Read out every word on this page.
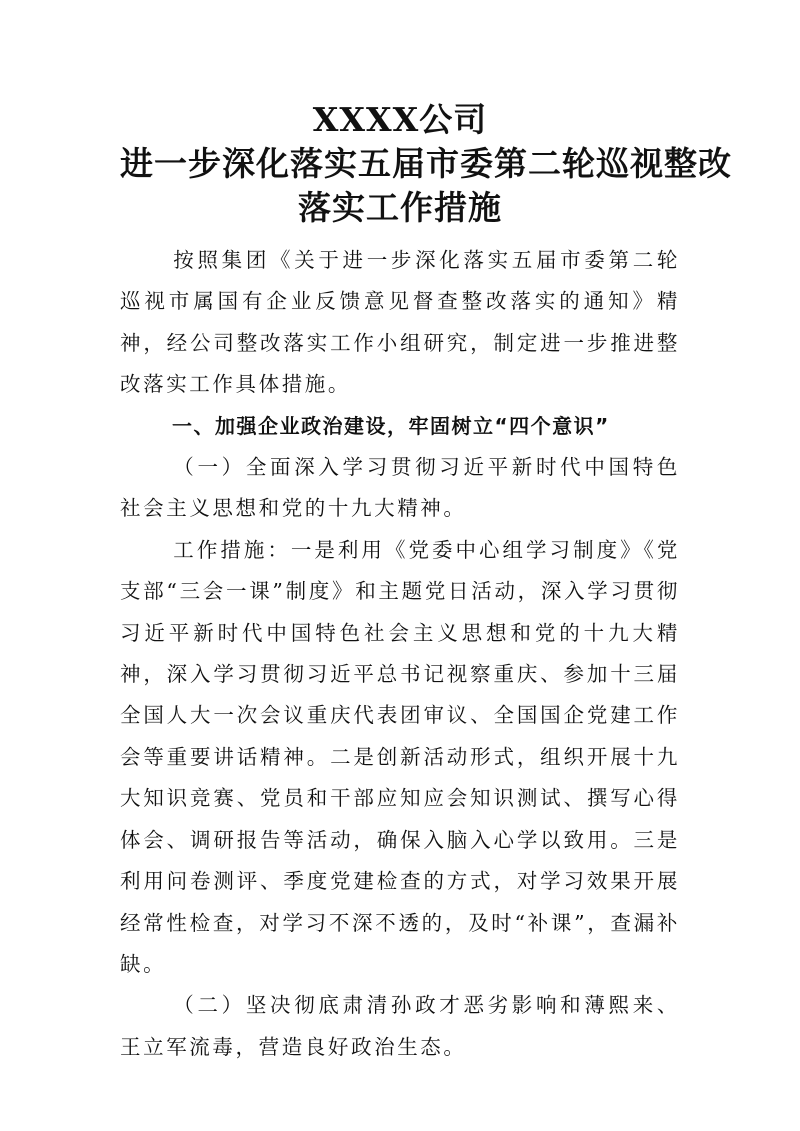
XXXX公司
进一步深化落实五届市委第二轮巡视整改
落实工作措施

按照集团《关于进一步深化落实五届市委第二轮巡视市属国有企业反馈意见督查整改落实的通知》精神，经公司整改落实工作小组研究，制定进一步推进整改落实工作具体措施。

一、加强企业政治建设，牢固树立“四个意识”

（一）全面深入学习贯彻习近平新时代中国特色社会主义思想和党的十九大精神。

工作措施：一是利用《党委中心组学习制度》《党支部“三会一课”制度》和主题党日活动，深入学习贯彻习近平新时代中国特色社会主义思想和党的十九大精神，深入学习贯彻习近平总书记视察重庆、参加十三届全国人大一次会议重庆代表团审议、全国国企党建工作会等重要讲话精神。二是创新活动形式，组织开展十九大知识竞赛、党员和干部应知应会知识测试、撰写心得体会、调研报告等活动，确保入脑入心学以致用。三是利用问卷测评、季度党建检查的方式，对学习效果开展经常性检查，对学习不深不透的，及时“补课”，查漏补缺。

（二）坚决彻底肃清孙政才恶劣影响和薄熙来、王立军流毒，营造良好政治生态。
